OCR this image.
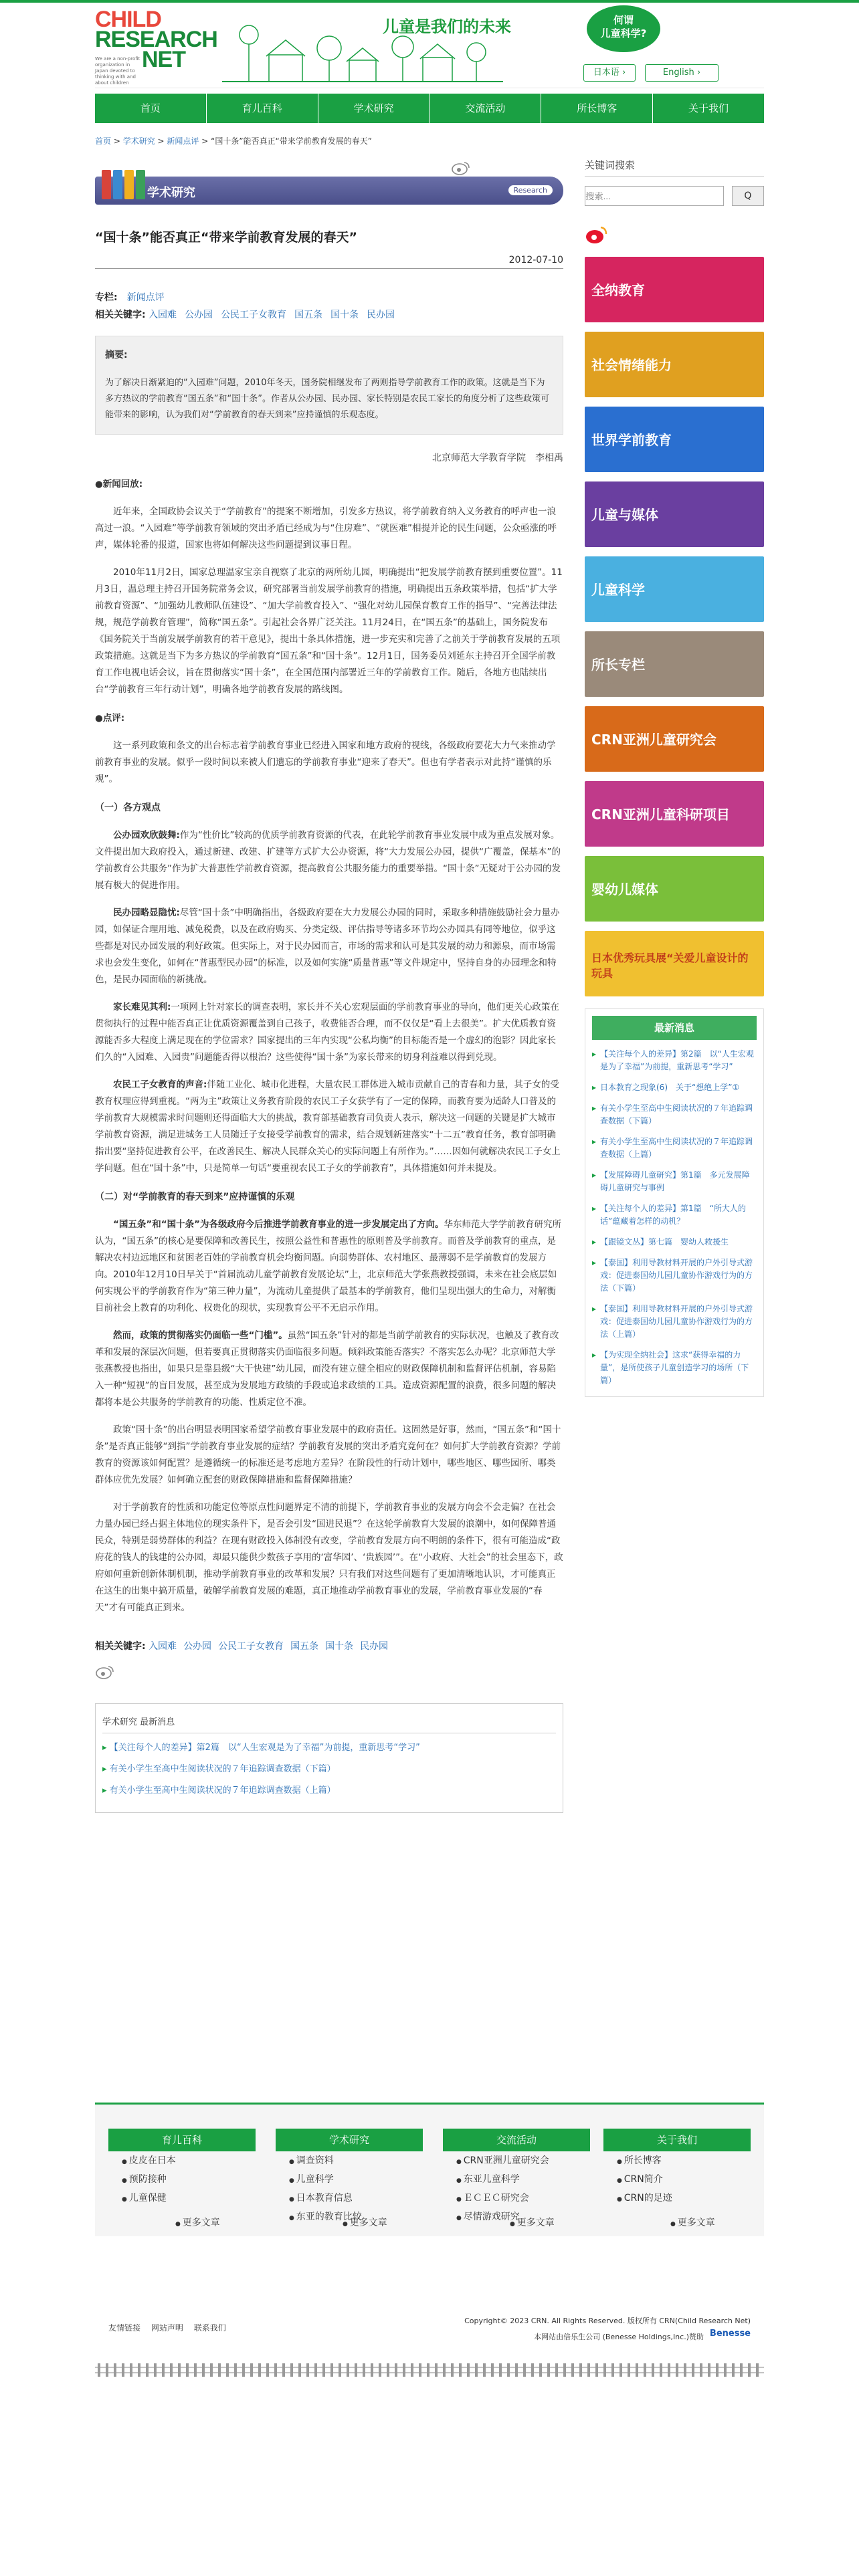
CHILD
RESEARCH
NET
We are a non-profit organization in Japan devoted to thinking with and about children
儿童是我们的未来	何谓
儿童科学?
日本语 ›	English ›
首页	育儿百科	学术研究	交流活动	所长博客	关于我们
首页 > 学术研究 > 新闻点评 > “国十条”能否真正“带来学前教育发展的春天”
学术研究	Research
“国十条”能否真正“带来学前教育发展的春天”
2012-07-10
专栏:　 新闻点评
相关关键字: 入园难 公办园 公民工子女教育 国五条 国十条 民办园
摘要:
为了解决日渐紧迫的“入园难”问题，2010年冬天，国务院相继发布了两则指导学前教育工作的政策。这就是当下为多方热议的学前教育“国五条”和“国十条”。作者从公办园、民办园、家长特别是农民工家长的角度分析了这些政策可能带来的影响，认为我们对“学前教育的春天到来”应持谨慎的乐观态度。
北京师范大学教育学院　李相禹
●新闻回放:

近年来，全国政协会议关于“学前教育”的提案不断增加，引发多方热议，将学前教育纳入义务教育的呼声也一浪高过一浪。“入园难”等学前教育领域的突出矛盾已经成为与“住房难”、“就医难”相提并论的民生问题，公众亟涨的呼声，媒体轮番的报道，国家也将如何解决这些问题提到议事日程。

2010年11月2日，国家总理温家宝亲自视察了北京的两所幼儿园，明确提出“把发展学前教育摆到重要位置”。11月3日，温总理主持召开国务院常务会议，研究部署当前发展学前教育的措施，明确提出五条政策举措，包括“扩大学前教育资源”、“加强幼儿教师队伍建设”、“加大学前教育投入”、“强化对幼儿园保育教育工作的指导”、“完善法律法规，规范学前教育管理”，简称“国五条”。引起社会各界广泛关注。11月24日，在“国五条”的基础上，国务院发布《国务院关于当前发展学前教育的若干意见》，提出十条具体措施，进一步充实和完善了之前关于学前教育发展的五项政策措施。这就是当下为多方热议的学前教育“国五条”和“国十条”。12月1日，国务委员刘延东主持召开全国学前教育工作电视电话会议，旨在贯彻落实“国十条”，在全国范围内部署近三年的学前教育工作。随后，各地方也陆续出台“学前教育三年行动计划”，明确各地学前教育发展的路线图。

●点评:

这一系列政策和条文的出台标志着学前教育事业已经进入国家和地方政府的视线，各级政府要花大力气来推动学前教育事业的发展。似乎一段时间以来被人们遗忘的学前教育事业“迎来了春天”。但也有学者表示对此持“谨慎的乐观”。

（一）各方观点

公办园欢欣鼓舞:作为“性价比”较高的优质学前教育资源的代表，在此轮学前教育事业发展中成为重点发展对象。文件提出加大政府投入，通过新建、改建、扩建等方式扩大公办资源，将“大力发展公办园，提供“广覆盖，保基本”的学前教育公共服务”作为扩大普惠性学前教育资源，提高教育公共服务能力的重要举措。“国十条”无疑对于公办园的发展有极大的促进作用。

民办园略显隐忧:尽管“国十条”中明确指出，各级政府要在大力发展公办园的同时，采取多种措施鼓励社会力量办园，如保证合理用地、减免税费，以及在政府购买、分类定级、评估指导等诸多环节均公办园具有同等地位，似乎这些都是对民办园发展的利好政策。但实际上，对于民办园而言，市场的需求和认可是其发展的动力和源泉，而市场需求也会发生变化，如何在“普惠型民办园”的标准，以及如何实施“质量普惠”等文件规定中，坚持自身的办园理念和特色，是民办园面临的新挑战。

家长难见其利:一项网上针对家长的调查表明，家长并不关心宏观层面的学前教育事业的导向，他们更关心政策在贯彻执行的过程中能否真正让优质资源覆盖到自己孩子，收费能否合理，而不仅仅是“看上去很美”。扩大优质教育资源能否多大程度上满足现在的学位需求？国家提出的三年内实现“公私均衡”的目标能否是一个虚幻的泡影？因此家长们久的“入园难、入园贵”问题能否得以根治？这些使得“国十条”为家长带来的切身利益难以得到兑现。

农民工子女教育的声音:伴随工业化、城市化进程，大量农民工群体进入城市贡献自己的青春和力量，其子女的受教育权理应得到重视。“两为主”政策让义务教育阶段的农民工子女获学有了一定的保障，而教育要为适龄人口普及的学前教育大规模需求时问题则还得面临大大的挑战，教育部基础教育司负责人表示，解决这一问题的关键是扩大城市学前教育资源，满足进城务工人员随迁子女接受学前教育的需求，结合规划新建落实“十二五”教育任务，教育部明确指出要“坚持促进教育公平，在改善民生、解决人民群众关心的实际问题上有所作为。”……因如何就解决农民工子女上学问题。但在“国十条”中，只是简单一句话“要重视农民工子女的学前教育”，具体措施如何并未提及。

（二）对“学前教育的春天到来”应持谨慎的乐观

“国五条”和“国十条”为各级政府今后推进学前教育事业的进一步发展定出了方向。华东师范大学学前教育研究所认为，“国五条”的核心是要保障和改善民生，按照公益性和普惠性的原则普及学前教育。而普及学前教育的重点，是解决农村边远地区和贫困老百姓的学前教育机会均衡问题。向弱势群体、农村地区、最薄弱不是学前教育的发展方向。2010年12月10日早关于“首届流动儿童学前教育发展论坛”上，北京师范大学张燕教授强调，未来在社会底层如何实现公平的学前教育作为“第三种力量”，为流动儿童提供了最基本的学前教育，他们呈现出强大的生命力，对解衡目前社会上教育的功利化、权贵化的现状，实现教育公平不无启示作用。

然而，政策的贯彻落实仍面临一些“门槛”。虽然“国五条”针对的都是当前学前教育的实际状况，也触及了教育改革和发展的深层次问题，但若要真正贯彻落实仍面临很多问题。倾斜政策能否落实？不落实怎么办呢？北京师范大学张燕教授也指出，如果只是靠县级“大干快建”幼儿园，而没有建立健全相应的财政保障机制和监督评估机制，容易陷入一种“短视”的盲目发展，甚至成为发展地方政绩的手段或追求政绩的工具。造成资源配置的浪费，很多问题的解决都将本是公共服务的学前教育的功能、性质定位不准。

政策“国十条”的出台明显表明国家希望学前教育事业发展中的政府责任。这固然是好事，然而，“国五条”和“国十条”是否真正能够“到指”学前教育事业发展的症结？学前教育发展的突出矛盾究竟何在？如何扩大学前教育资源？学前教育的资源该如何配置？是遵循统一的标准还是考虑地方差异？在阶段性的行动计划中，哪些地区、哪些园所、哪类群体应优先发展？如何确立配套的财政保障措施和监督保障措施？

对于学前教育的性质和功能定位等原点性问题界定不清的前提下，学前教育事业的发展方向会不会走偏？在社会力量办园已经占据主体地位的现实条件下，是否会引发“国进民退”？在这轮学前教育大发展的浪潮中，如何保障普通民众，特别是弱势群体的利益？在现有财政投入体制没有改变，学前教育发展方向不明朗的条件下，很有可能造成“政府花的钱人的钱建的公办园，却最只能供少数孩子享用的‘富华园’、‘贵族园’”。在“小政府、大社会”的社会里态下，政府如何重新创新体制机制，推动学前教育事业的改革和发展？只有我们对这些问题有了更加清晰地认识，才可能真正在这生的出集中搞开质量，破解学前教育发展的难题，真正地推动学前教育事业的发展，学前教育事业发展的“春天”才有可能真正到来。

相关关键字: 入园难 公办园 公民工子女教育 国五条 国十条 民办园
学术研究 最新消息
▸ 【关注每个人的差异】第2篇　以“人生宏观是为了幸福”为前提，重新思考“学习”
▸ 有关小学生至高中生阅读状况的７年追踪调查数据（下篇）
▸ 有关小学生至高中生阅读状况的７年追踪调查数据（上篇）
关键词搜索
搜索...
Q
全纳教育
社会情绪能力
世界学前教育
儿童与媒体
儿童科学
所长专栏
CRN亚洲儿童研究会
CRN亚洲儿童科研项目
婴幼儿媒体
日本优秀玩具展“关爱儿童设计的玩具
最新消息
▸ 【关注每个人的差异】第2篇　以“人生宏观是为了幸福”为前提，重新思考“学习”
▸ 日本教育之现象(6)　关于“想绝上学”①
▸ 有关小学生至高中生阅读状况的７年追踪调查数据（下篇）
▸ 有关小学生至高中生阅读状况的７年追踪调查数据（上篇）
▸ 【发展障碍儿童研究】第1篇　多元发展障碍儿童研究与事例
▸ 【关注每个人的差异】第1篇　“所大人的话”蕴藏着怎样的动机？
▸ 【跟镜文丛】第七篇　婴幼人救援生
▸ 【泰国】利用导教材料开展的户外引导式游戏：促进泰国幼儿园儿童协作游戏行为的方法（下篇）
▸ 【泰国】利用导教材料开展的户外引导式游戏：促进泰国幼儿园儿童协作游戏行为的方法（上篇）
▸ 【为实现全纳社会】这求“获得幸福的力量”，是所使孩子儿童创造学习的场所（下篇）
育儿百科
● 皮皮在日本
● 预防接种
● 儿童保健
学术研究
● 调查资料
● 儿童科学
● 日本教育信息
● 东亚的教育比较
交流活动
● CRN亚洲儿童研究会
● 东亚儿童科学
● ＥＣＥＣ研究会
● 尽情游戏研究
关于我们
● 所长博客
● CRN简介
● CRN的足迹
● 更多文章	● 更多文章	● 更多文章	● 更多文章
友情链接　 网站声明　 联系我们
Copyright© 2023 CRN. All Rights Reserved. 版权所有 CRN(Child Research Net)
本网站由倍乐生公司 (Benesse Holdings,Inc.)赞助 Benesse
